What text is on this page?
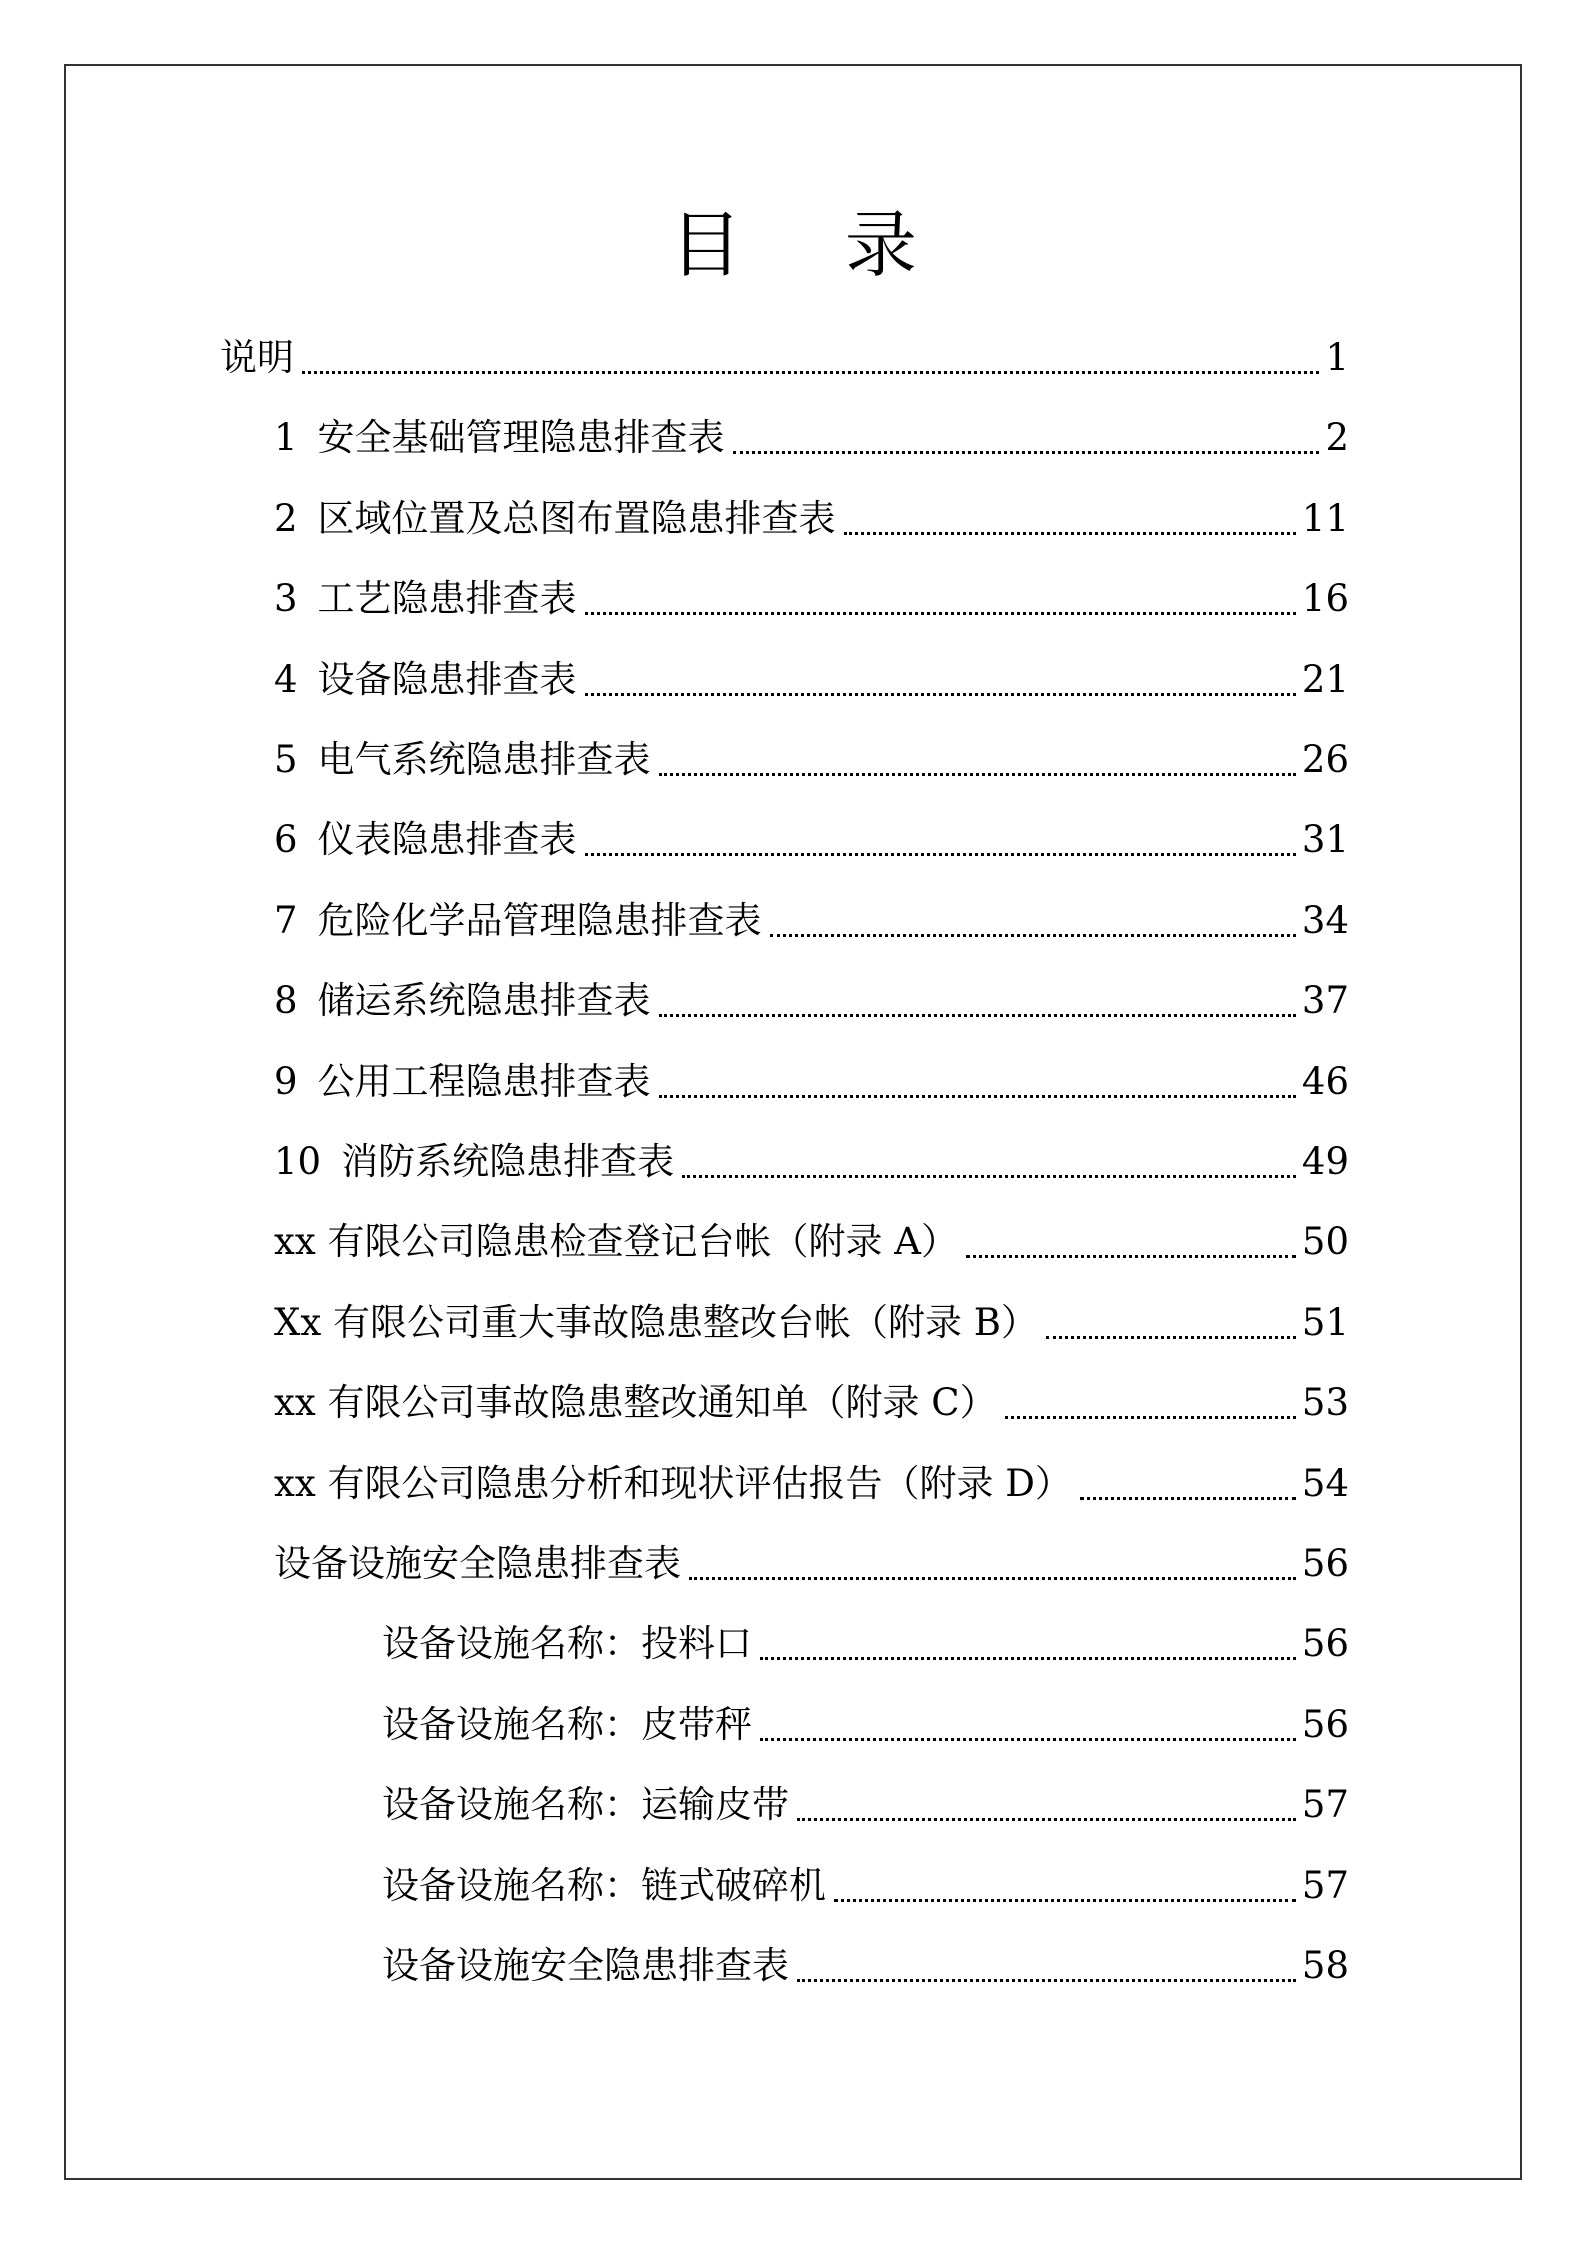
目 录
说明	1
1 安全基础管理隐患排查表	2
2 区域位置及总图布置隐患排查表	11
3 工艺隐患排查表	16
4 设备隐患排查表	21
5 电气系统隐患排查表	26
6 仪表隐患排查表	31
7 危险化学品管理隐患排查表	34
8 储运系统隐患排查表	37
9 公用工程隐患排查表	46
10 消防系统隐患排查表	49
xx 有限公司隐患检查登记台帐（附录 A）	50
Xx 有限公司重大事故隐患整改台帐（附录 B）	51
xx 有限公司事故隐患整改通知单（附录 C）	53
xx 有限公司隐患分析和现状评估报告（附录 D）	54
设备设施安全隐患排查表	56
设备设施名称：投料口	56
设备设施名称：皮带秤	56
设备设施名称：运输皮带	57
设备设施名称：链式破碎机	57
设备设施安全隐患排查表	58
